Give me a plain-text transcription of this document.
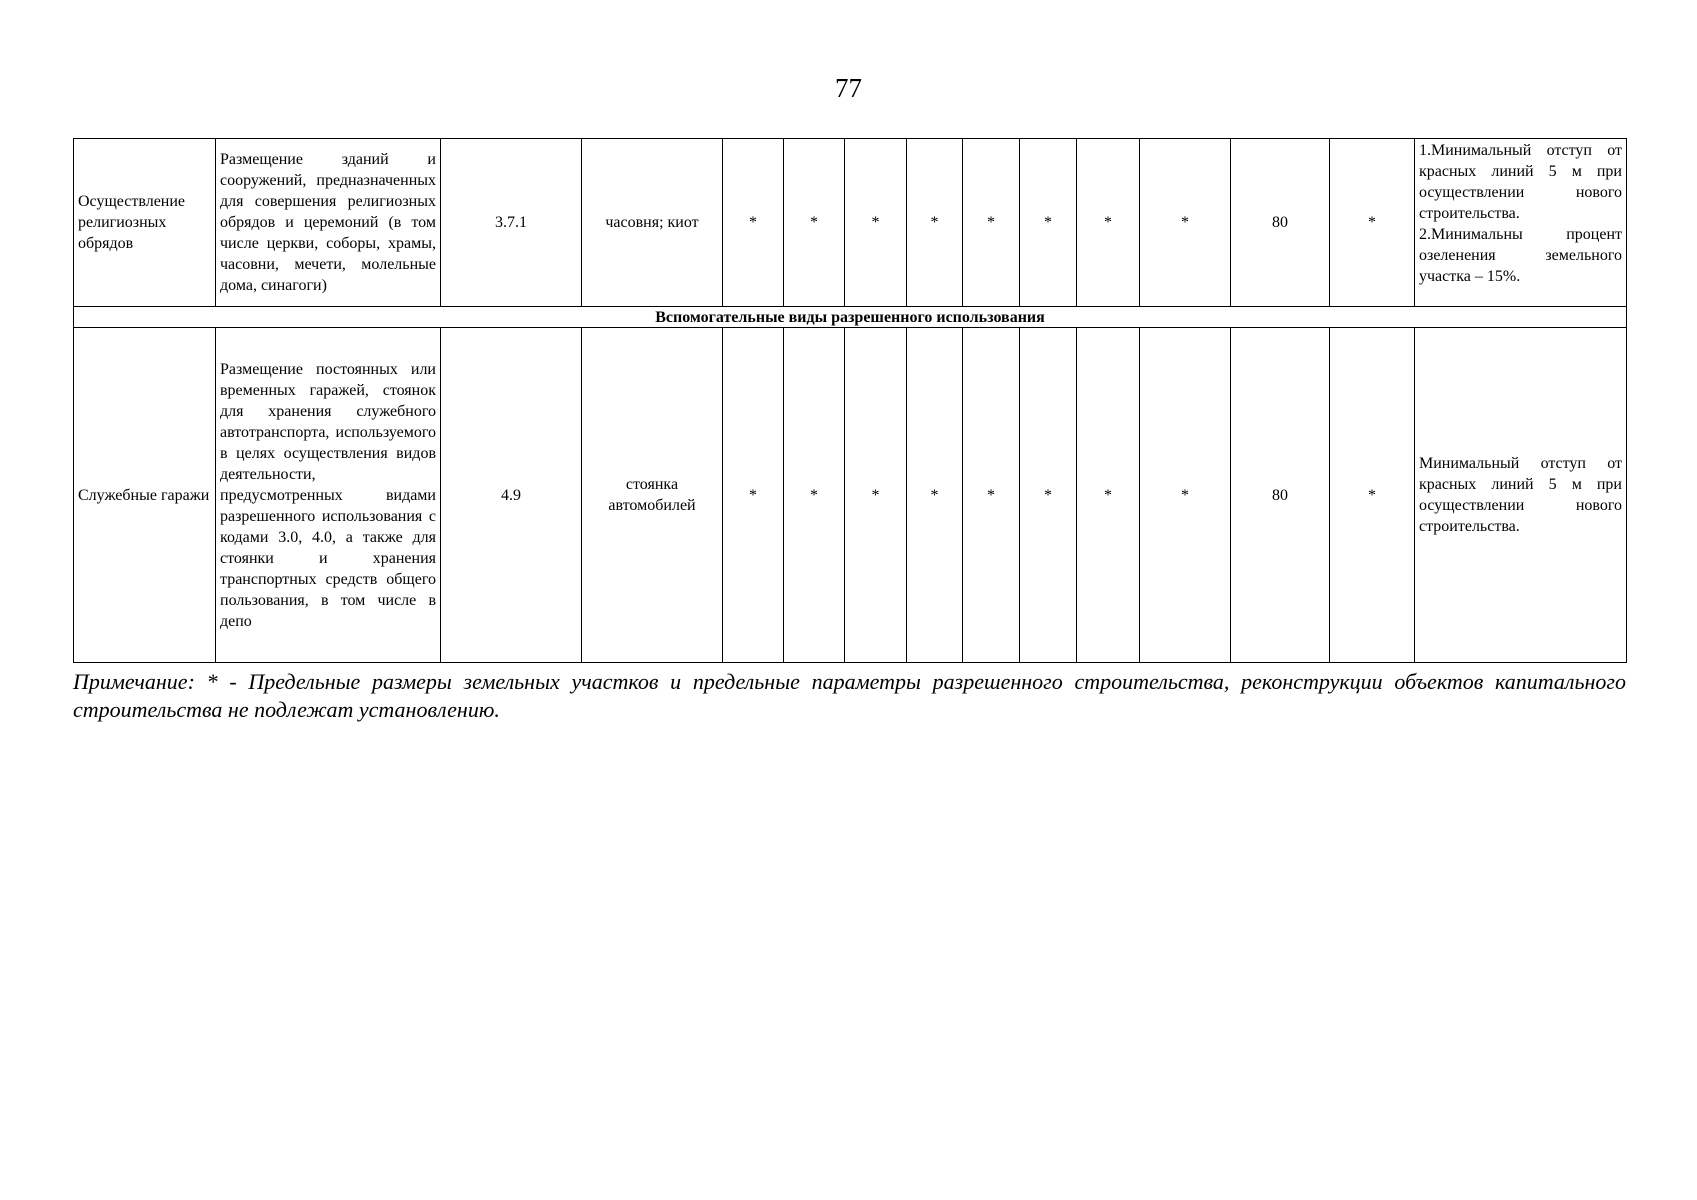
77
Осуществление религиозных обрядов	Размещение зданий и сооружений, предназначенных для совершения религиозных обрядов и церемоний (в том числе церкви, соборы, храмы, часовни, мечети, молельные дома, синагоги)	3.7.1	часовня; киот	*	*	*	*	*	*	*	*	80	*	1.Минимальный отступ от красных линий 5 м при осуществлении нового строительства.
2.Минимальны процент озеленения земельного участка – 15%.

Вспомогательные виды разрешенного использования														
Служебные гаражи	Размещение постоянных или временных гаражей, стоянок для хранения служебного автотранспорта, используемого в целях осуществления видов деятельности, предусмотренных видами разрешенного использования с кодами 3.0, 4.0, а также для стоянки и хранения транспортных средств общего пользования, в том числе в депо	4.9	стоянка автомобилей	*	*	*	*	*	*	*	*	80	*	Минимальный отступ от красных линий 5 м при осуществлении нового строительства.
Примечание: * - Предельные размеры земельных участков и предельные параметры разрешенного строительства, реконструкции объектов капитального строительства не подлежат установлению.
